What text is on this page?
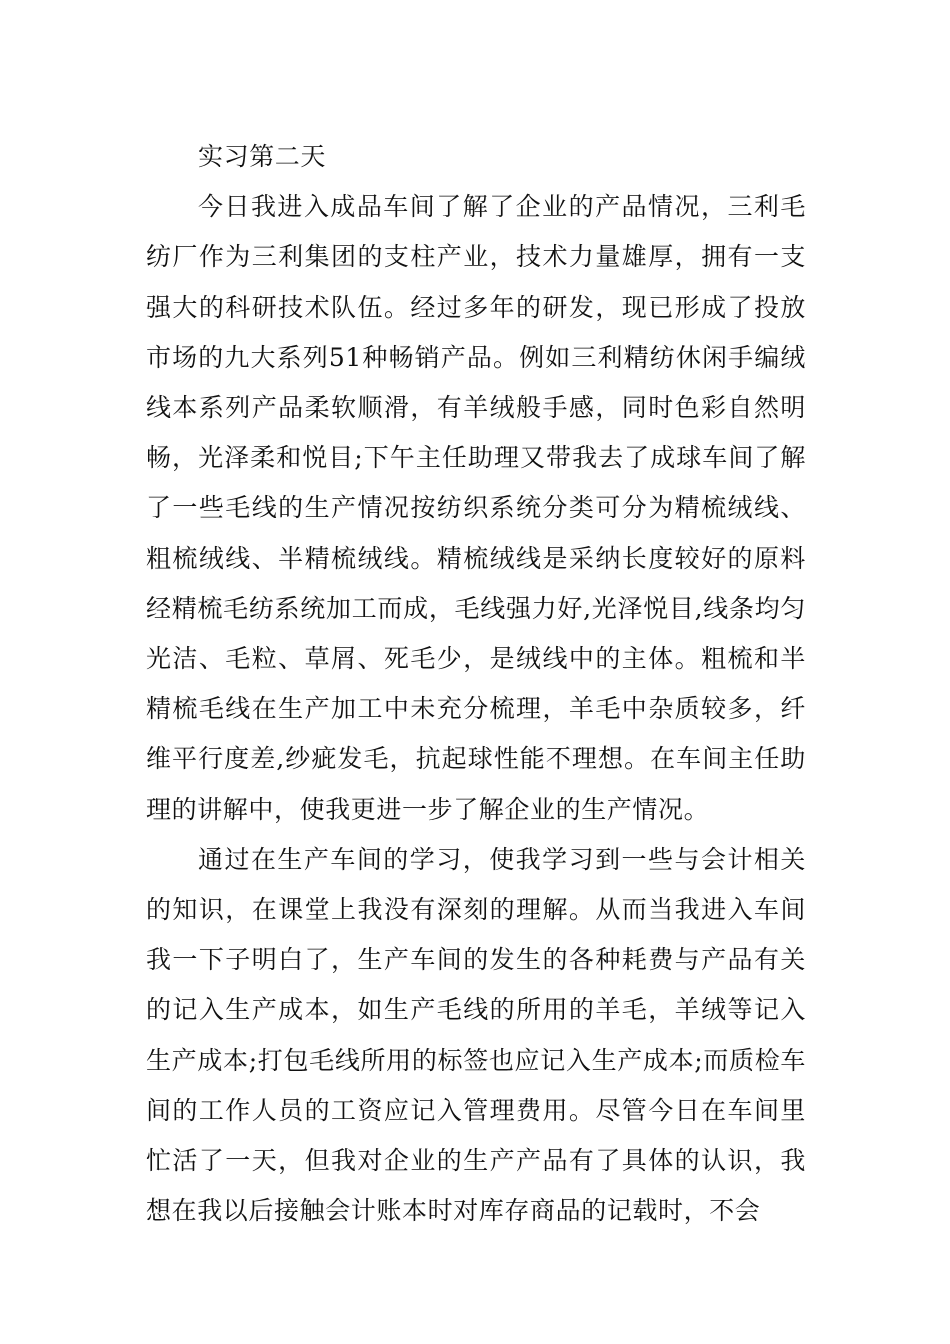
实习第二天

今日我进入成品车间了解了企业的产品情况，三利毛纺厂作为三利集团的支柱产业，技术力量雄厚，拥有一支强大的科研技术队伍。经过多年的研发，现已形成了投放市场的九大系列51种畅销产品。例如三利精纺休闲手编绒线本系列产品柔软顺滑，有羊绒般手感，同时色彩自然明畅，光泽柔和悦目;下午主任助理又带我去了成球车间了解了一些毛线的生产情况按纺织系统分类可分为精梳绒线、粗梳绒线、半精梳绒线。精梳绒线是采纳长度较好的原料经精梳毛纺系统加工而成，毛线强力好,光泽悦目,线条均匀光洁、毛粒、草屑、死毛少，是绒线中的主体。粗梳和半精梳毛线在生产加工中未充分梳理，羊毛中杂质较多，纤维平行度差,纱疵发毛，抗起球性能不理想。在车间主任助理的讲解中，使我更进一步了解企业的生产情况。

通过在生产车间的学习，使我学习到一些与会计相关的知识，在课堂上我没有深刻的理解。从而当我进入车间我一下子明白了，生产车间的发生的各种耗费与产品有关的记入生产成本，如生产毛线的所用的羊毛，羊绒等记入生产成本;打包毛线所用的标签也应记入生产成本;而质检车间的工作人员的工资应记入管理费用。尽管今日在车间里忙活了一天，但我对企业的生产产品有了具体的认识，我想在我以后接触会计账本时对库存商品的记载时，不会
